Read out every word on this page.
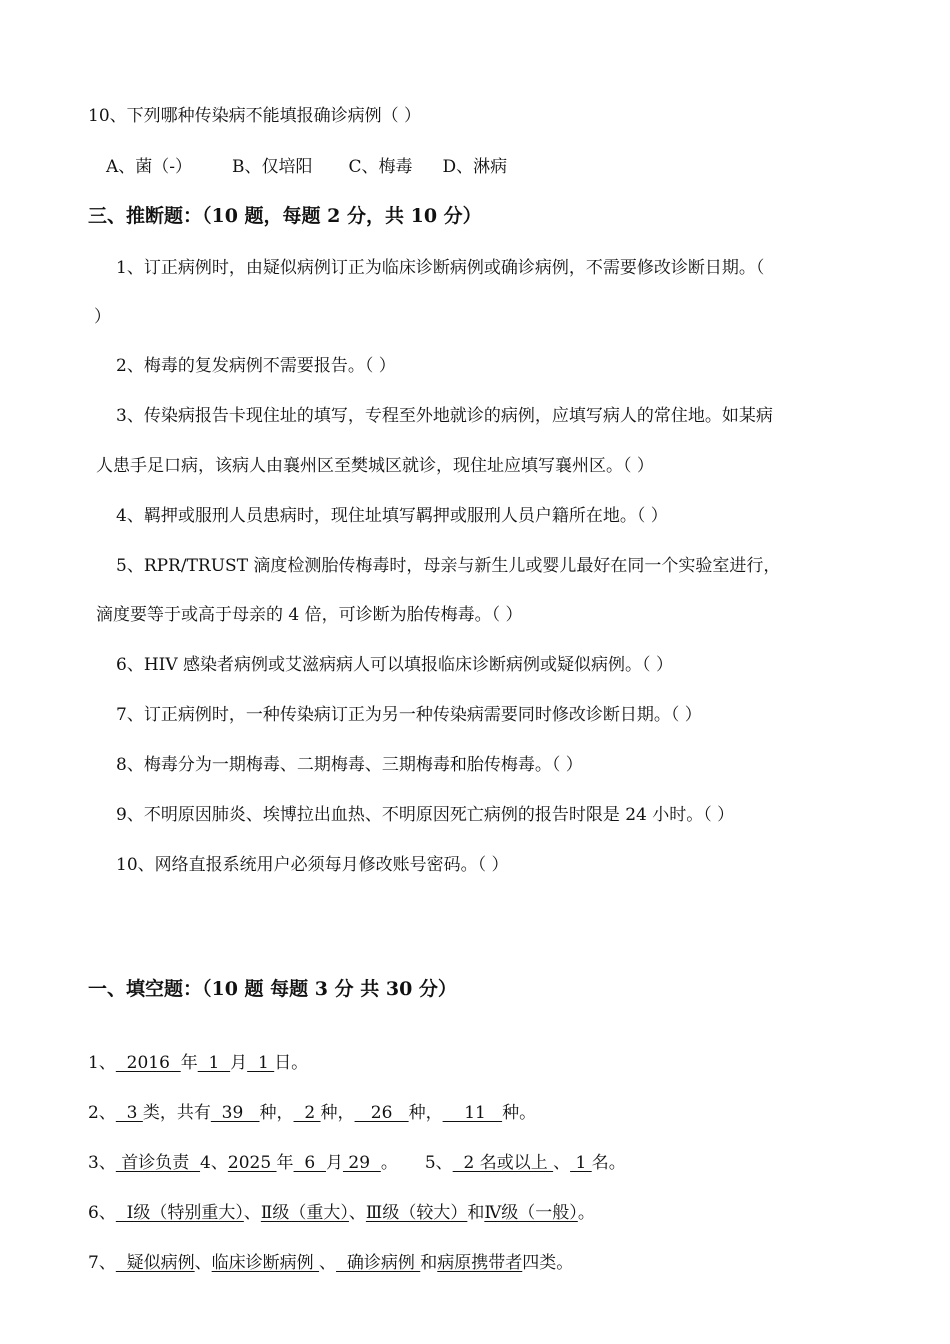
10、下列哪种传染病不能填报确诊病例（ ）
A、菌（-） B、仅培阳 C、梅毒 D、淋病
三、推断题：（10 题，每题 2 分，共 10 分）
1、订正病例时，由疑似病例订正为临床诊断病例或确诊病例，不需要修改诊断日期。（
）
2、梅毒的复发病例不需要报告。（ ）
3、传染病报告卡现住址的填写，专程至外地就诊的病例，应填写病人的常住地。如某病
人患手足口病，该病人由襄州区至樊城区就诊，现住址应填写襄州区。（ ）
4、羁押或服刑人员患病时，现住址填写羁押或服刑人员户籍所在地。（ ）
5、RPR/TRUST 滴度检测胎传梅毒时，母亲与新生儿或婴儿最好在同一个实验室进行，
滴度要等于或高于母亲的 4 倍，可诊断为胎传梅毒。（ ）
6、HIV 感染者病例或艾滋病病人可以填报临床诊断病例或疑似病例。（ ）
7、订正病例时，一种传染病订正为另一种传染病需要同时修改诊断日期。（ ）
8、梅毒分为一期梅毒、二期梅毒、三期梅毒和胎传梅毒。（ ）
9、不明原因肺炎、埃博拉出血热、不明原因死亡病例的报告时限是 24 小时。（ ）
10、网络直报系统用户必须每月修改账号密码。（ ）
一、填空题：（10 题 每题 3 分 共 30 分）

1、  2016  年  1  月  1 日。

2、  3 类，共有  39   种，  2 种，   26   种，    11   种。

3、 首诊负责  4、2025 年  6  月 29  。     5、  2 名或以上 、 1 名。

6、  Ⅰ级（特别重大）、Ⅱ级（重大）、Ⅲ级（较大）和Ⅳ级（一般）。

7、  疑似病例、临床诊断病例 、  确诊病例 和病原携带者四类。
